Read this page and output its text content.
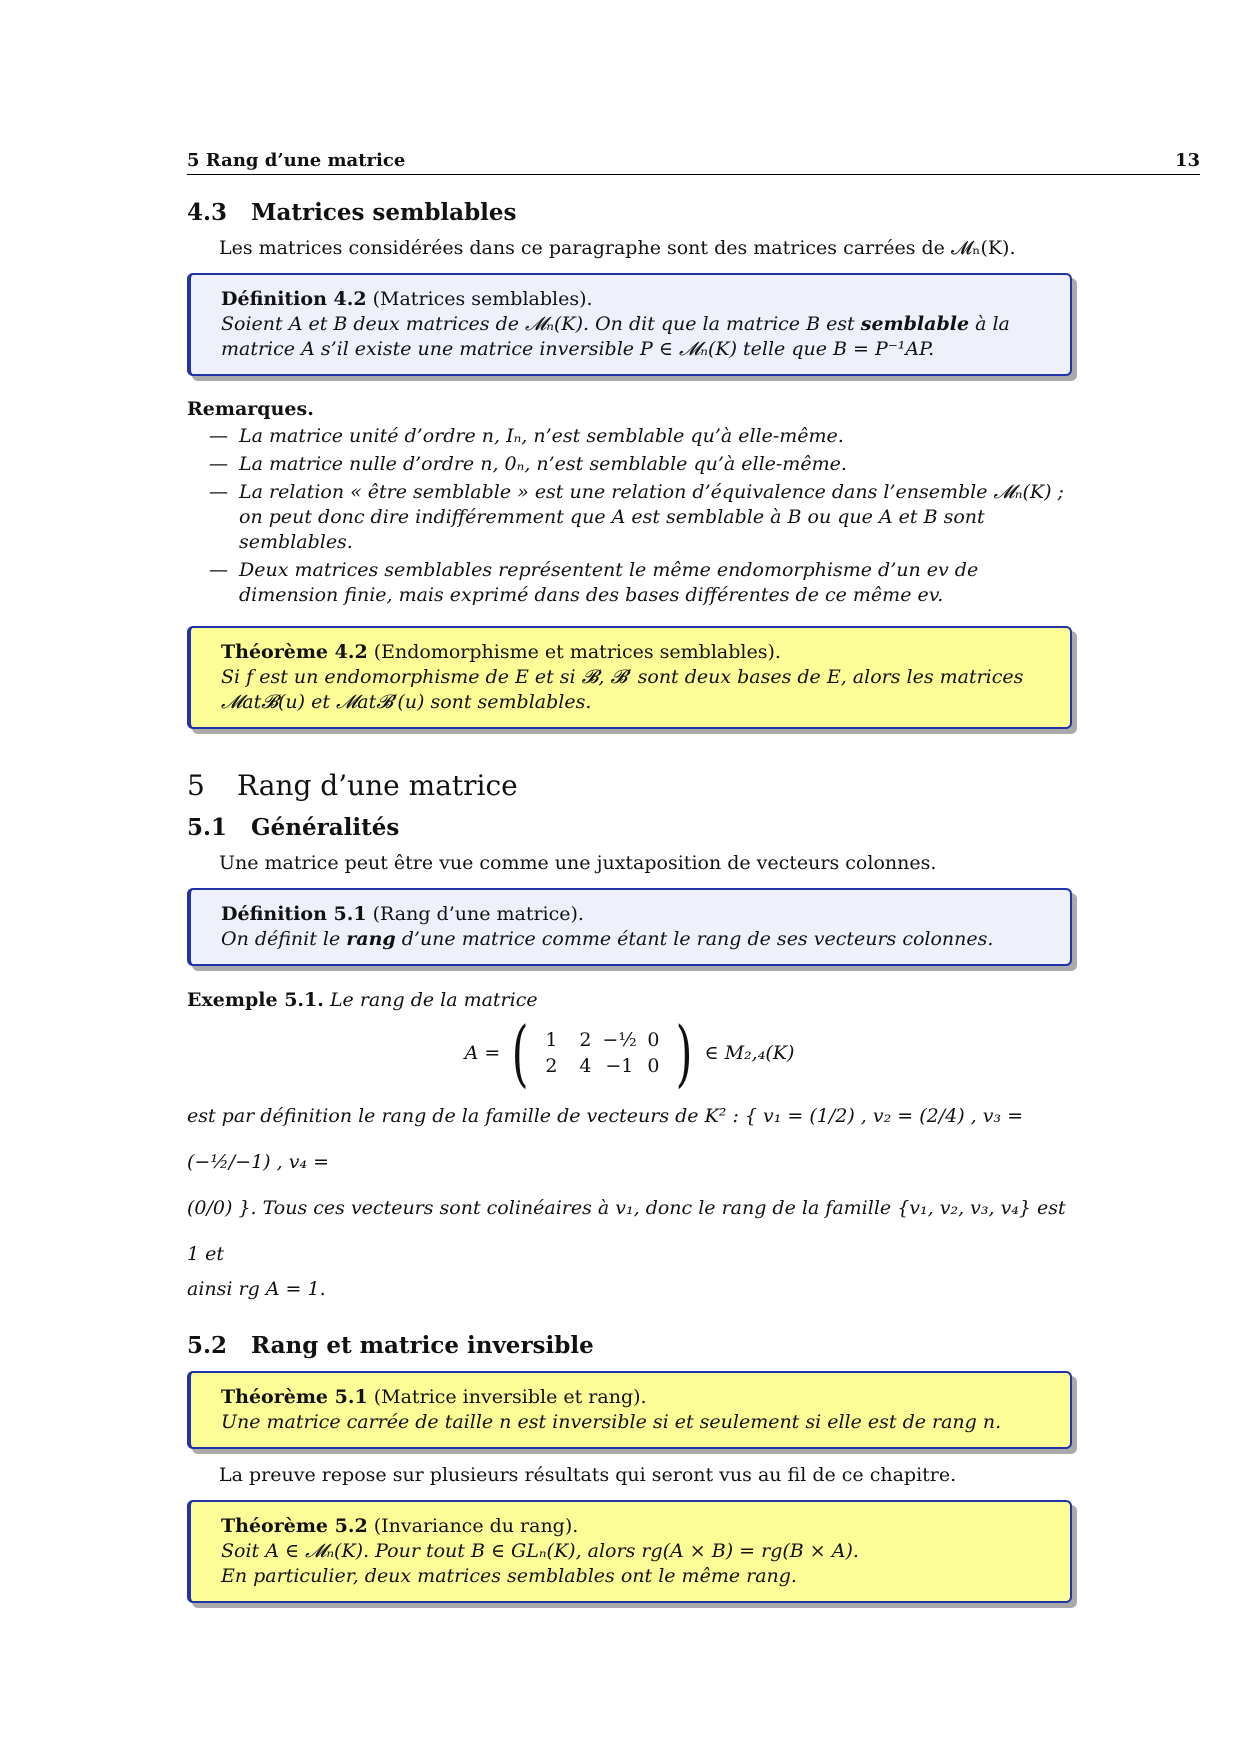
5 Rang d’une matrice	13
4.3 Matrices semblables

Les matrices considérées dans ce paragraphe sont des matrices carrées de 𝓜ₙ(K).

Définition 4.2 (Matrices semblables).
Soient A et B deux matrices de 𝓜ₙ(K). On dit que la matrice B est semblable à la matrice A s’il existe une matrice inversible P ∈ 𝓜ₙ(K) telle que B = P⁻¹AP.
Remarques.
— La matrice unité d’ordre n, Iₙ, n’est semblable qu’à elle-même.
— La matrice nulle d’ordre n, 0ₙ, n’est semblable qu’à elle-même.
— La relation « être semblable » est une relation d’équivalence dans l’ensemble 𝓜ₙ(K) ; on peut donc dire indifféremment que A est semblable à B ou que A et B sont semblables.
— Deux matrices semblables représentent le même endomorphisme d’un ev de dimension finie, mais exprimé dans des bases différentes de ce même ev.
Théorème 4.2 (Endomorphisme et matrices semblables).
Si f est un endomorphisme de E et si 𝓑, 𝓑′ sont deux bases de E, alors les matrices 𝓜at𝓑(u) et 𝓜at𝓑′(u) sont semblables.
5 Rang d’une matrice
5.1 Généralités

Une matrice peut être vue comme une juxtaposition de vecteurs colonnes.

Définition 5.1 (Rang d’une matrice).
On définit le rang d’une matrice comme étant le rang de ses vecteurs colonnes.

Exemple 5.1. Le rang de la matrice

A = ( 1	2 −½ 0
2	4 −1 0 ) ∈ M₂,₄(K)

est par définition le rang de la famille de vecteurs de K² : { v₁ = (1/2) , v₂ = (2/4) , v₃ = (−½/−1) , v₄ =

(0/0) }. Tous ces vecteurs sont colinéaires à v₁, donc le rang de la famille {v₁, v₂, v₃, v₄} est 1 et

ainsi rg A = 1.

5.2 Rang et matrice inversible
Théorème 5.1 (Matrice inversible et rang).
Une matrice carrée de taille n est inversible si et seulement si elle est de rang n.

La preuve repose sur plusieurs résultats qui seront vus au fil de ce chapitre.

Théorème 5.2 (Invariance du rang).
Soit A ∈ 𝓜ₙ(K). Pour tout B ∈ GLₙ(K), alors rg(A × B) = rg(B × A).
En particulier, deux matrices semblables ont le même rang.
